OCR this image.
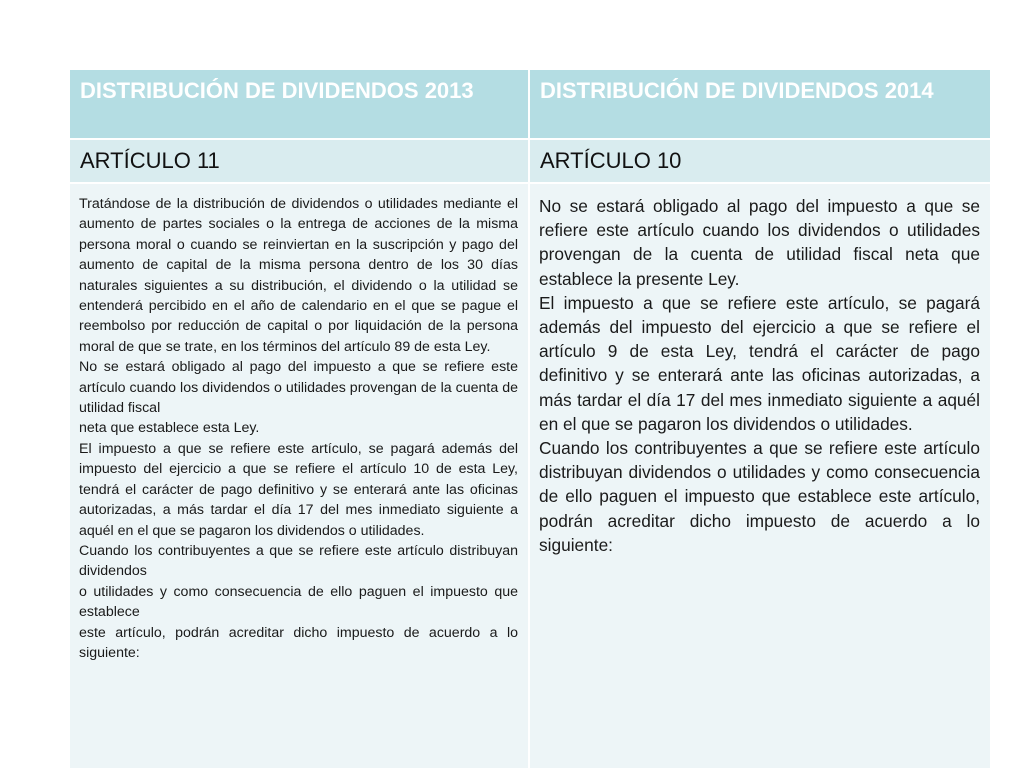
DISTRIBUCIÓN DE DIVIDENDOS 2013	DISTRIBUCIÓN DE DIVIDENDOS 2014
ARTÍCULO 11	ARTÍCULO 10

Tratándose de la distribución de dividendos o utilidades mediante el aumento de partes sociales o la entrega de acciones de la misma persona moral o cuando se reinviertan en la suscripción y pago del aumento de capital de la misma persona dentro de los 30 días naturales siguientes a su distribución, el dividendo o la utilidad se entenderá percibido en el año de calendario en el que se pague el reembolso por reducción de capital o por liquidación de la persona moral de que se trate, en los términos del artículo 89 de esta Ley.

No se estará obligado al pago del impuesto a que se refiere este artículo cuando los dividendos o utilidades provengan de la cuenta de utilidad fiscal

neta que establece esta Ley.

El impuesto a que se refiere este artículo, se pagará además del impuesto del ejercicio a que se refiere el artículo 10 de esta Ley, tendrá el carácter de pago definitivo y se enterará ante las oficinas autorizadas, a más tardar el día 17 del mes inmediato siguiente a aquél en el que se pagaron los dividendos o utilidades.

Cuando los contribuyentes a que se refiere este artículo distribuyan dividendos

o utilidades y como consecuencia de ello paguen el impuesto que establece

este artículo, podrán acreditar dicho impuesto de acuerdo a lo siguiente:

No se estará obligado al pago del impuesto a que se refiere este artículo cuando los dividendos o utilidades provengan de la cuenta de utilidad fiscal neta que establece la presente Ley.

El impuesto a que se refiere este artículo, se pagará además del impuesto del ejercicio a que se refiere el artículo 9 de esta Ley, tendrá el carácter de pago definitivo y se enterará ante las oficinas autorizadas, a más tardar el día 17 del mes inmediato siguiente a aquél en el que se pagaron los dividendos o utilidades.

Cuando los contribuyentes a que se refiere este artículo distribuyan dividendos o utilidades y como consecuencia de ello paguen el impuesto que establece este artículo, podrán acreditar dicho impuesto de acuerdo a lo siguiente:
